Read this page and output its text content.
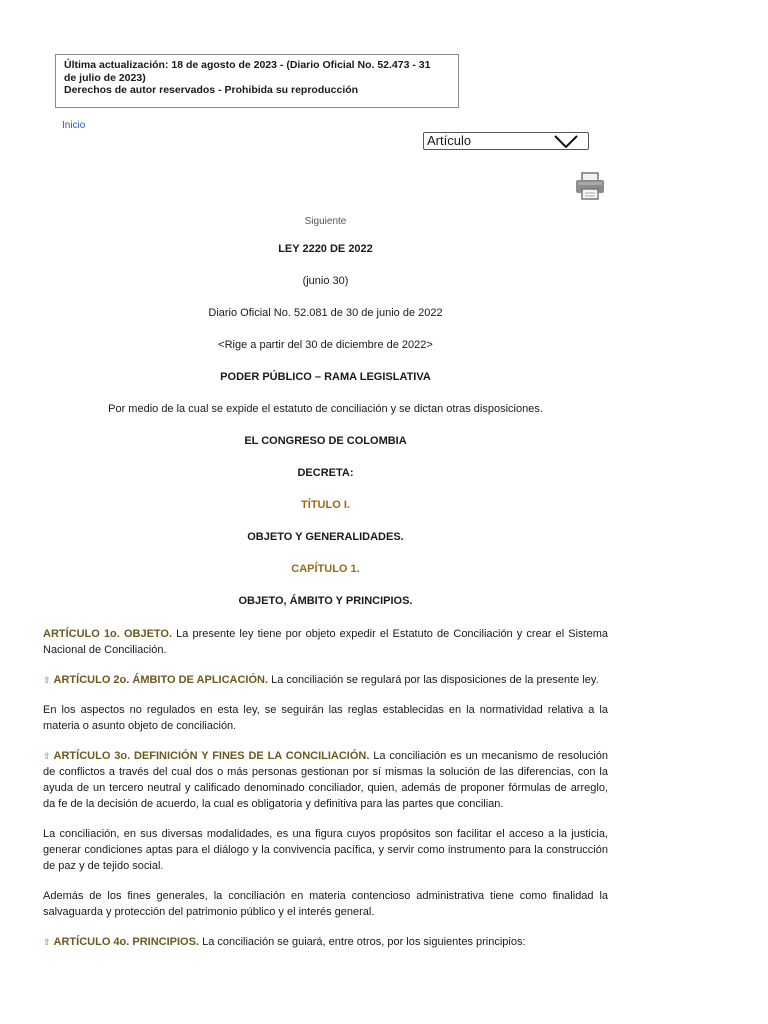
Última actualización: 18 de agosto de 2023 - (Diario Oficial No. 52.473 - 31
de julio de 2023)
Derechos de autor reservados - Prohibida su reproducción
Inicio
Artículo
Siguiente
LEY 2220 DE 2022
(junio 30)
Diario Oficial No. 52.081 de 30 de junio de 2022
<Rige a partir del 30 de diciembre de 2022>
PODER PÚBLICO – RAMA LEGISLATIVA
Por medio de la cual se expide el estatuto de conciliación y se dictan otras disposiciones.
EL CONGRESO DE COLOMBIA
DECRETA:
TÍTULO I.
OBJETO Y GENERALIDADES.
CAPÍTULO 1.
OBJETO, ÁMBITO Y PRINCIPIOS.

ARTÍCULO 1o. OBJETO. La presente ley tiene por objeto expedir el Estatuto de Conciliación y crear el Sistema Nacional de Conciliación.

⇧ ARTÍCULO 2o. ÁMBITO DE APLICACIÓN. La conciliación se regulará por las disposiciones de la presente ley.

En los aspectos no regulados en esta ley, se seguirán las reglas establecidas en la normatividad relativa a la materia o asunto objeto de conciliación.

⇧ ARTÍCULO 3o. DEFINICIÓN Y FINES DE LA CONCILIACIÓN. La conciliación es un mecanismo de resolución de conflictos a través del cual dos o más personas gestionan por sí mismas la solución de las diferencias, con la ayuda de un tercero neutral y calificado denominado conciliador, quien, además de proponer fórmulas de arreglo, da fe de la decisión de acuerdo, la cual es obligatoria y definitiva para las partes que concilian.

La conciliación, en sus diversas modalidades, es una figura cuyos propósitos son facilitar el acceso a la justicia, generar condiciones aptas para el diálogo y la convivencia pacífica, y servir como instrumento para la construcción de paz y de tejido social.

Además de los fines generales, la conciliación en materia contencioso administrativa tiene como finalidad la salvaguarda y protección del patrimonio público y el interés general.

⇧ ARTÍCULO 4o. PRINCIPIOS. La conciliación se guiará, entre otros, por los siguientes principios:
